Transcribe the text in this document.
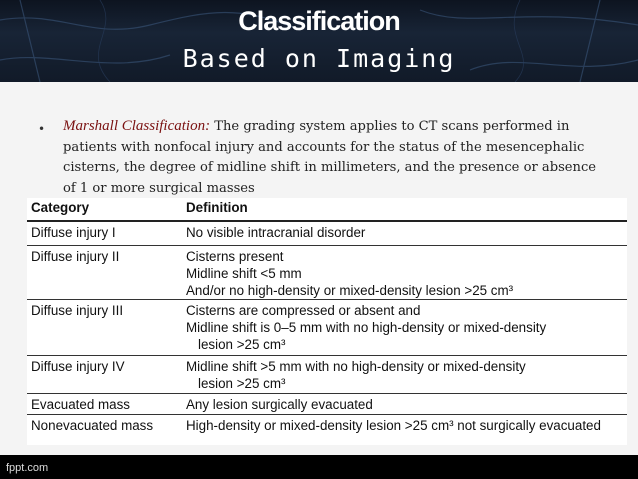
Classification
Based on Imaging
• Marshall Classification: The grading system applies to CT scans performed in patients with nonfocal injury and accounts for the status of the mesencephalic cisterns, the degree of midline shift in millimeters, and the presence or absence of 1 or more surgical masses
Category	Definition
Diffuse injury I	No visible intracranial disorder
Diffuse injury II	Cisterns present
Midline shift <5 mm
And/or no high-density or mixed-density lesion >25 cm³

Diffuse injury III	Cisterns are compressed or absent and
Midline shift is 0–5 mm with no high-density or mixed-density
lesion >25 cm³

Diffuse injury IV	Midline shift >5 mm with no high-density or mixed-density
lesion >25 cm³

Evacuated mass	Any lesion surgically evacuated
Nonevacuated mass	High-density or mixed-density lesion >25 cm³ not surgically evacuated
fppt.com
